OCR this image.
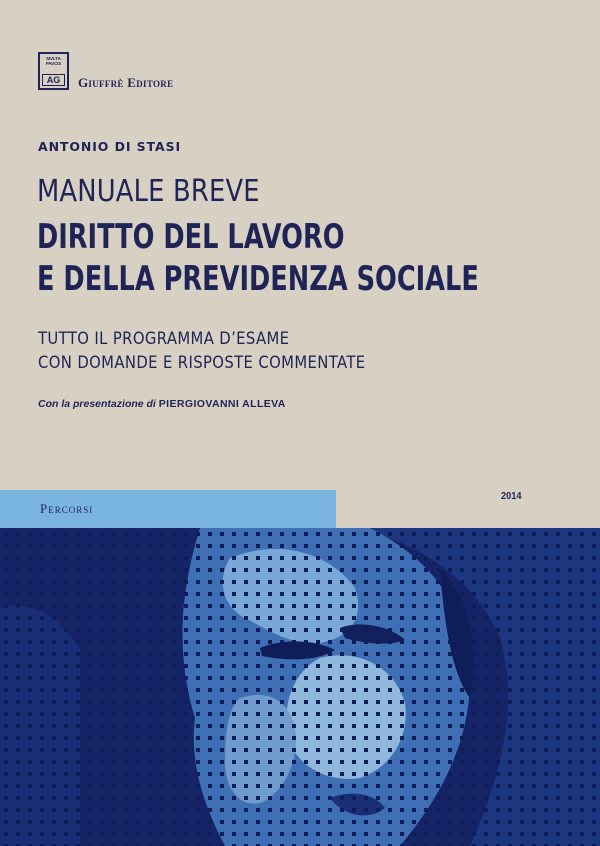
MVLTA PAVCIS
AG	Giuffrè Editore
ANTONIO DI STASI
MANUALE BREVE
DIRITTO DEL LAVORO
E DELLA PREVIDENZA SOCIALE
TUTTO IL PROGRAMMA D’ESAME
CON DOMANDE E RISPOSTE COMMENTATE
Con la presentazione di PIERGIOVANNI ALLEVA
Percorsi
2014
